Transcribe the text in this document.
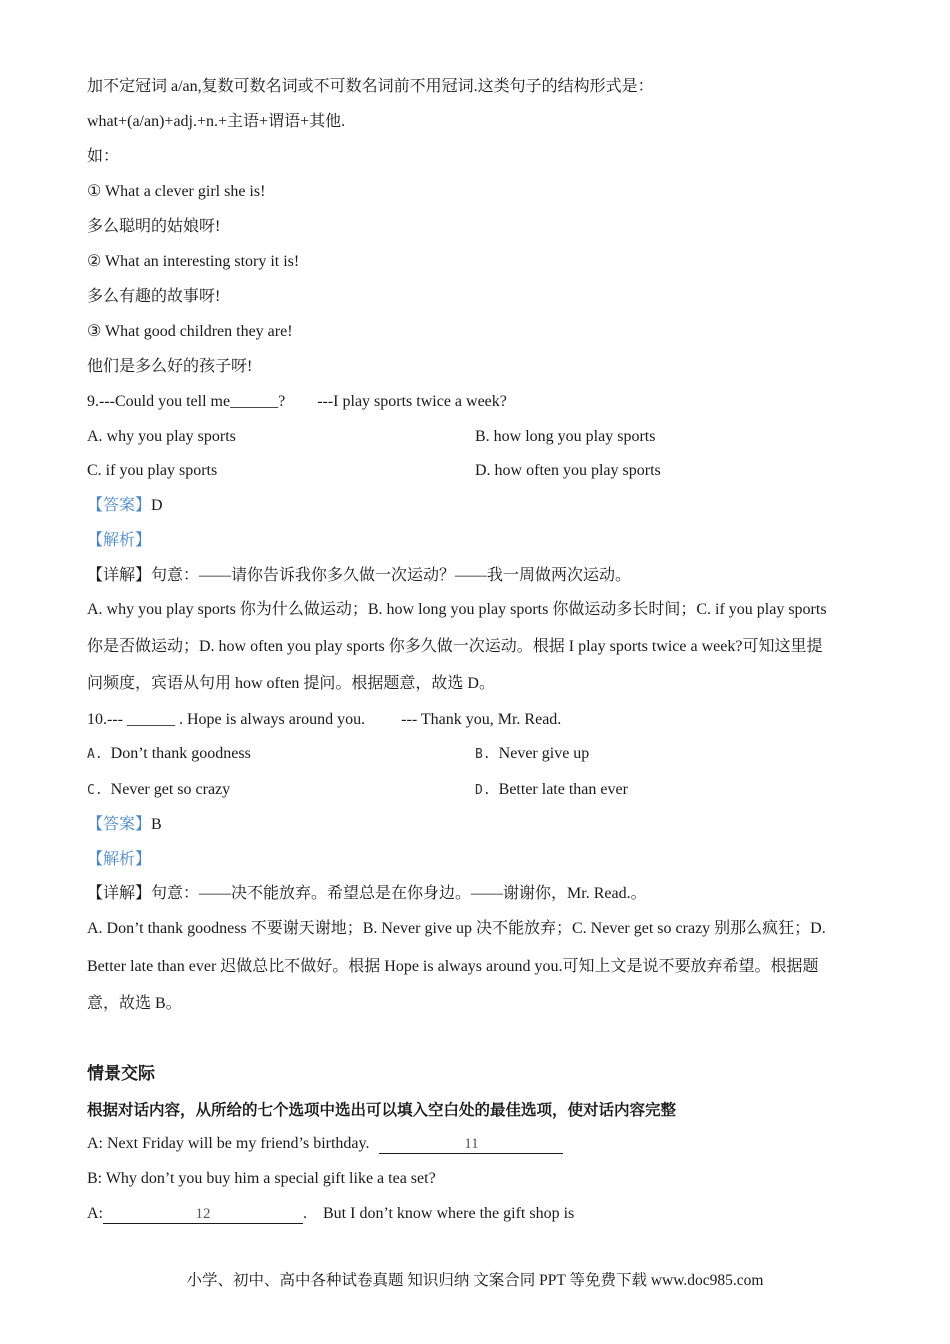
加不定冠词 a/an,复数可数名词或不可数名词前不用冠词.这类句子的结构形式是：
what+(a/an)+adj.+n.+主语+谓语+其他.
如：
① What a clever girl she is!
多么聪明的姑娘呀!
② What an interesting story it is!
多么有趣的故事呀!
③ What good children they are!
他们是多么好的孩子呀!
9.---Could you tell me______?        ---I play sports twice a week?
A. why you play sports	B. how long you play sports
C. if you play sports	D. how often you play sports
【答案】D
【解析】
【详解】句意：——请你告诉我你多久做一次运动？——我一周做两次运动。
A. why you play sports 你为什么做运动；B. how long you play sports 你做运动多长时间；C. if you play sports
你是否做运动；D. how often you play sports 你多久做一次运动。根据 I play sports twice a week?可知这里提
问频度，宾语从句用 how often 提问。根据题意，故选 D。
10.--- ______ . Hope is always around you.         --- Thank you, Mr. Read.
A. Don’t thank goodness	B. Never give up
C. Never get so crazy	D. Better late than ever
【答案】B
【解析】
【详解】句意：——决不能放弃。希望总是在你身边。——谢谢你，Mr. Read.。
A. Don’t thank goodness 不要谢天谢地；B. Never give up 决不能放弃；C. Never get so crazy 别那么疯狂；D.
Better late than ever 迟做总比不做好。根据 Hope is always around you.可知上文是说不要放弃希望。根据题
意，故选 B。
情景交际
根据对话内容，从所给的七个选项中选出可以填入空白处的最佳选项，使对话内容完整
A: Next Friday will be my friend’s birthday.	11
B: Why don’t you buy him a special gift like a tea set?
A:	12	.    But I don’t know where the gift shop is
小学、初中、高中各种试卷真题 知识归纳 文案合同 PPT 等免费下载 www.doc985.com
